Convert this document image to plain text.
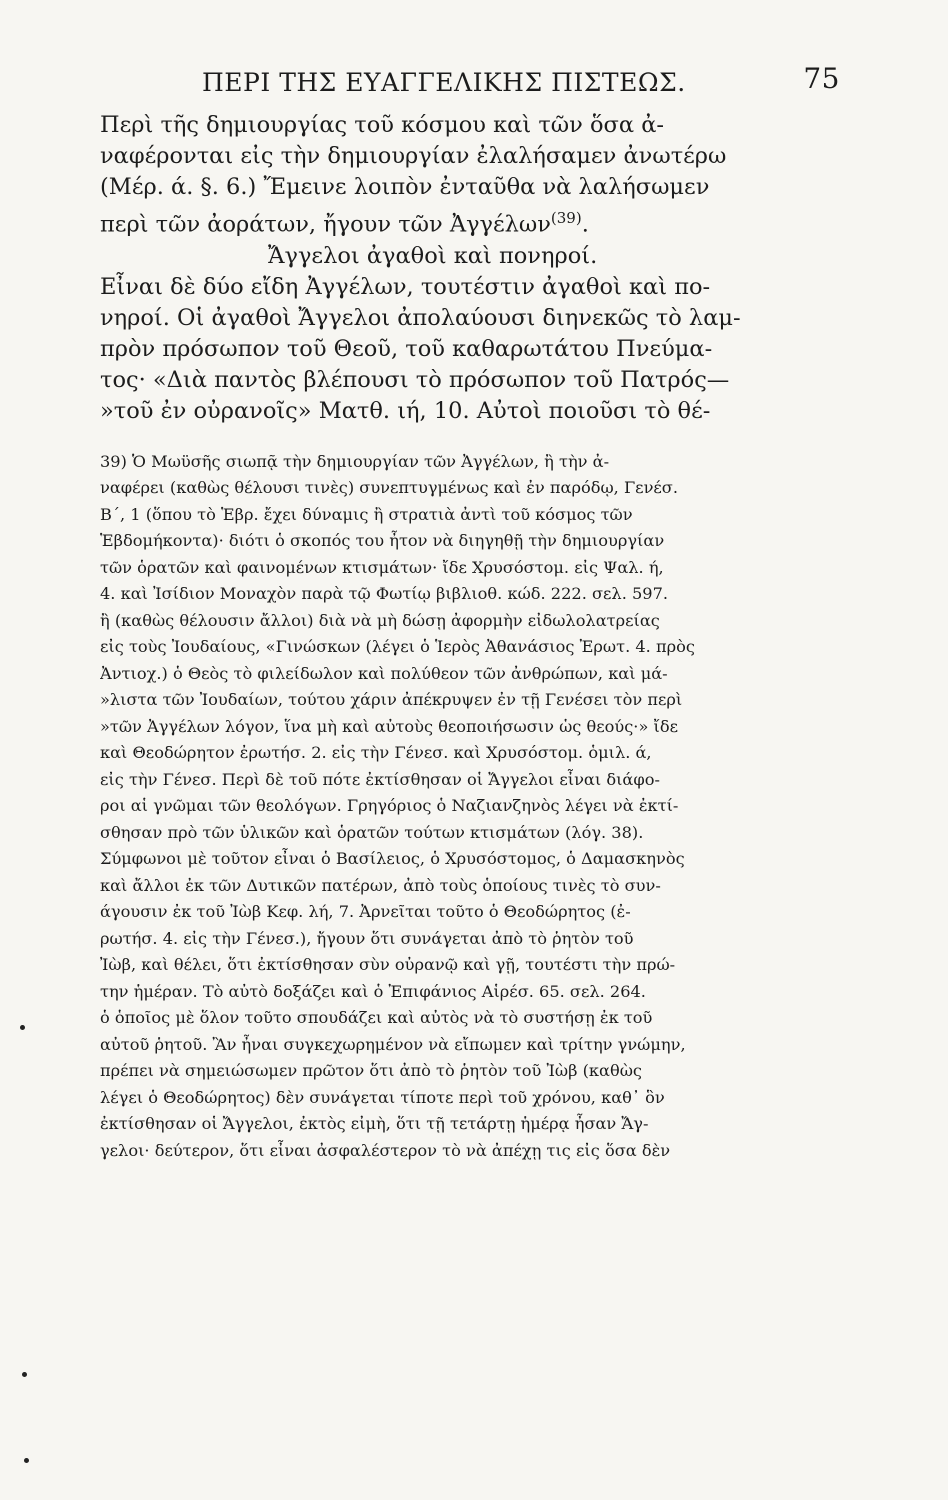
ΠΕΡΙ ΤΗΣ ΕΥΑΓΓΕΛΙΚΗΣ ΠΙΣΤΕΩΣ.	75
Περὶ τῆς δημιουργίας τοῦ κόσμου καὶ τῶν ὅσα ἀ-
ναφέρονται εἰς τὴν δημιουργίαν ἐλαλήσαμεν ἀνωτέρω
(Μέρ. ά. §. 6.) Ἔμεινε λοιπὸν ἐνταῦθα νὰ λαλήσωμεν
περὶ τῶν ἀοράτων, ἤγουν τῶν Ἀγγέλων$^{(39)}$.
Ἄγγελοι ἀγαθοὶ καὶ πονηροί.
Εἶναι δὲ δύο εἴδη Ἀγγέλων, τουτέστιν ἀγαθοὶ καὶ πο-
νηροί. Οἱ ἀγαθοὶ Ἄγγελοι ἀπολαύουσι διηνεκῶς τὸ λαμ-
πρὸν πρόσωπον τοῦ Θεοῦ, τοῦ καθαρωτάτου Πνεύμα-
τος· «Διὰ παντὸς βλέπουσι τὸ πρόσωπον τοῦ Πατρός—
»τοῦ ἐν οὐρανοῖς» Ματθ. ιή, 10. Αὐτοὶ ποιοῦσι τὸ θέ-
39) Ὁ Μωϋσῆς σιωπᾷ τὴν δημιουργίαν τῶν Ἀγγέλων, ἢ τὴν ἀ-
ναφέρει (καθὼς θέλουσι τινὲς) συνεπτυγμένως καὶ ἐν παρόδῳ, Γενέσ.
Β΄, 1 (ὅπου τὸ Ἑβρ. ἔχει δύναμις ἢ στρατιὰ ἀντὶ τοῦ κόσμος τῶν
Ἑβδομήκοντα)· διότι ὁ σκοπός του ἦτον νὰ διηγηθῇ τὴν δημιουργίαν
τῶν ὁρατῶν καὶ φαινομένων κτισμάτων· ἴδε Χρυσόστομ. εἰς Ψαλ. ή,
4. καὶ Ἰσίδιον Μοναχὸν παρὰ τῷ Φωτίῳ βιβλιοθ. κώδ. 222. σελ. 597.
ἢ (καθὼς θέλουσιν ἄλλοι) διὰ νὰ μὴ δώσῃ ἀφορμὴν εἰδωλολατρείας
εἰς τοὺς Ἰουδαίους, «Γινώσκων (λέγει ὁ Ἱερὸς Ἀθανάσιος Ἐρωτ. 4. πρὸς
Ἀντιοχ.) ὁ Θεὸς τὸ φιλείδωλον καὶ πολύθεον τῶν ἀνθρώπων, καὶ μά-
»λιστα τῶν Ἰουδαίων, τούτου χάριν ἀπέκρυψεν ἐν τῇ Γενέσει τὸν περὶ
»τῶν Ἀγγέλων λόγον, ἵνα μὴ καὶ αὐτοὺς θεοποιήσωσιν ὡς θεούς·» ἴδε
καὶ Θεοδώρητον ἐρωτήσ. 2. εἰς τὴν Γένεσ. καὶ Χρυσόστομ. ὁμιλ. ά,
εἰς τὴν Γένεσ. Περὶ δὲ τοῦ πότε ἐκτίσθησαν οἱ Ἄγγελοι εἶναι διάφο-
ροι αἱ γνῶμαι τῶν θεολόγων. Γρηγόριος ὁ Ναζιανζηνὸς λέγει νὰ ἐκτί-
σθησαν πρὸ τῶν ὑλικῶν καὶ ὁρατῶν τούτων κτισμάτων (λόγ. 38).
Σύμφωνοι μὲ τοῦτον εἶναι ὁ Βασίλειος, ὁ Χρυσόστομος, ὁ Δαμασκηνὸς
καὶ ἄλλοι ἐκ τῶν Δυτικῶν πατέρων, ἀπὸ τοὺς ὁποίους τινὲς τὸ συν-
άγουσιν ἐκ τοῦ Ἰὼβ Κεφ. λή, 7. Ἀρνεῖται τοῦτο ὁ Θεοδώρητος (ἐ-
ρωτήσ. 4. εἰς τὴν Γένεσ.), ἤγουν ὅτι συνάγεται ἀπὸ τὸ ῥητὸν τοῦ
Ἰὼβ, καὶ θέλει, ὅτι ἐκτίσθησαν σὺν οὐρανῷ καὶ γῇ, τουτέστι τὴν πρώ-
την ἡμέραν. Τὸ αὐτὸ δοξάζει καὶ ὁ Ἐπιφάνιος Αἱρέσ. 65. σελ. 264.
ὁ ὁποῖος μὲ ὅλον τοῦτο σπουδάζει καὶ αὐτὸς νὰ τὸ συστήσῃ ἐκ τοῦ
αὐτοῦ ῥητοῦ. Ἂν ἦναι συγκεχωρημένον νὰ εἴπωμεν καὶ τρίτην γνώμην,
πρέπει νὰ σημειώσωμεν πρῶτον ὅτι ἀπὸ τὸ ῥητὸν τοῦ Ἰὼβ (καθὼς
λέγει ὁ Θεοδώρητος) δὲν συνάγεται τίποτε περὶ τοῦ χρόνου, καθ᾽ ὃν
ἐκτίσθησαν οἱ Ἄγγελοι, ἐκτὸς εἰμὴ, ὅτι τῇ τετάρτῃ ἡμέρᾳ ἦσαν Ἄγ-
γελοι· δεύτερον, ὅτι εἶναι ἀσφαλέστερον τὸ νὰ ἀπέχῃ τις εἰς ὅσα δὲν
